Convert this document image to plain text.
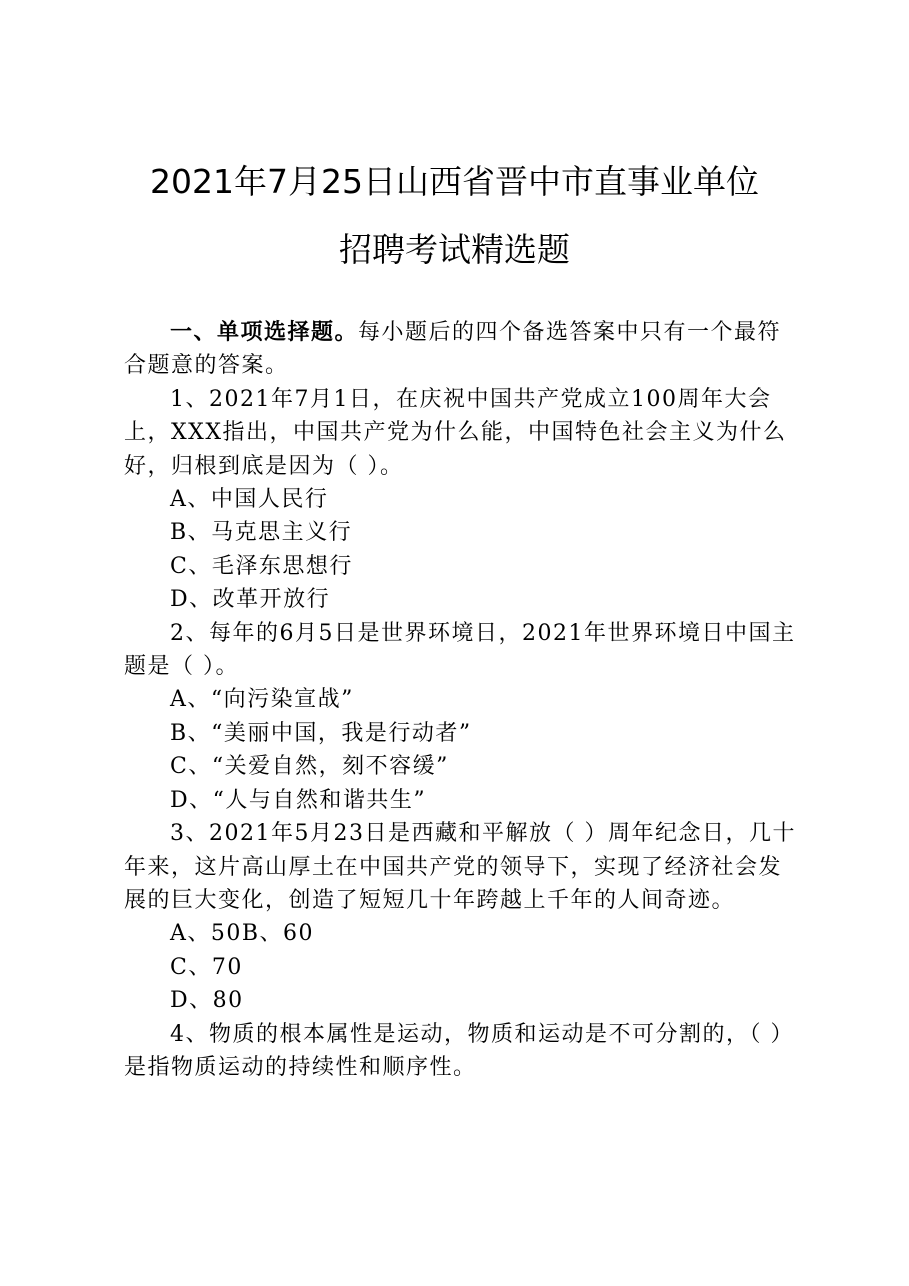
2021年7月25日山西省晋中市直事业单位
招聘考试精选题

一、单项选择题。每小题后的四个备选答案中只有一个最符合题意的答案。

1、2021年7月1日，在庆祝中国共产党成立100周年大会上，XXX指出，中国共产党为什么能，中国特色社会主义为什么好，归根到底是因为（ ）。

A、中国人民行

B、马克思主义行

C、毛泽东思想行

D、改革开放行

2、每年的6月5日是世界环境日，2021年世界环境日中国主题是（ ）。

A、“向污染宣战”

B、“美丽中国，我是行动者”

C、“关爱自然，刻不容缓”

D、“人与自然和谐共生”

3、2021年5月23日是西藏和平解放（ ）周年纪念日，几十年来，这片高山厚土在中国共产党的领导下，实现了经济社会发展的巨大变化，创造了短短几十年跨越上千年的人间奇迹。

A、50B、60

C、70

D、80

4、物质的根本属性是运动，物质和运动是不可分割的，（ ）是指物质运动的持续性和顺序性。
